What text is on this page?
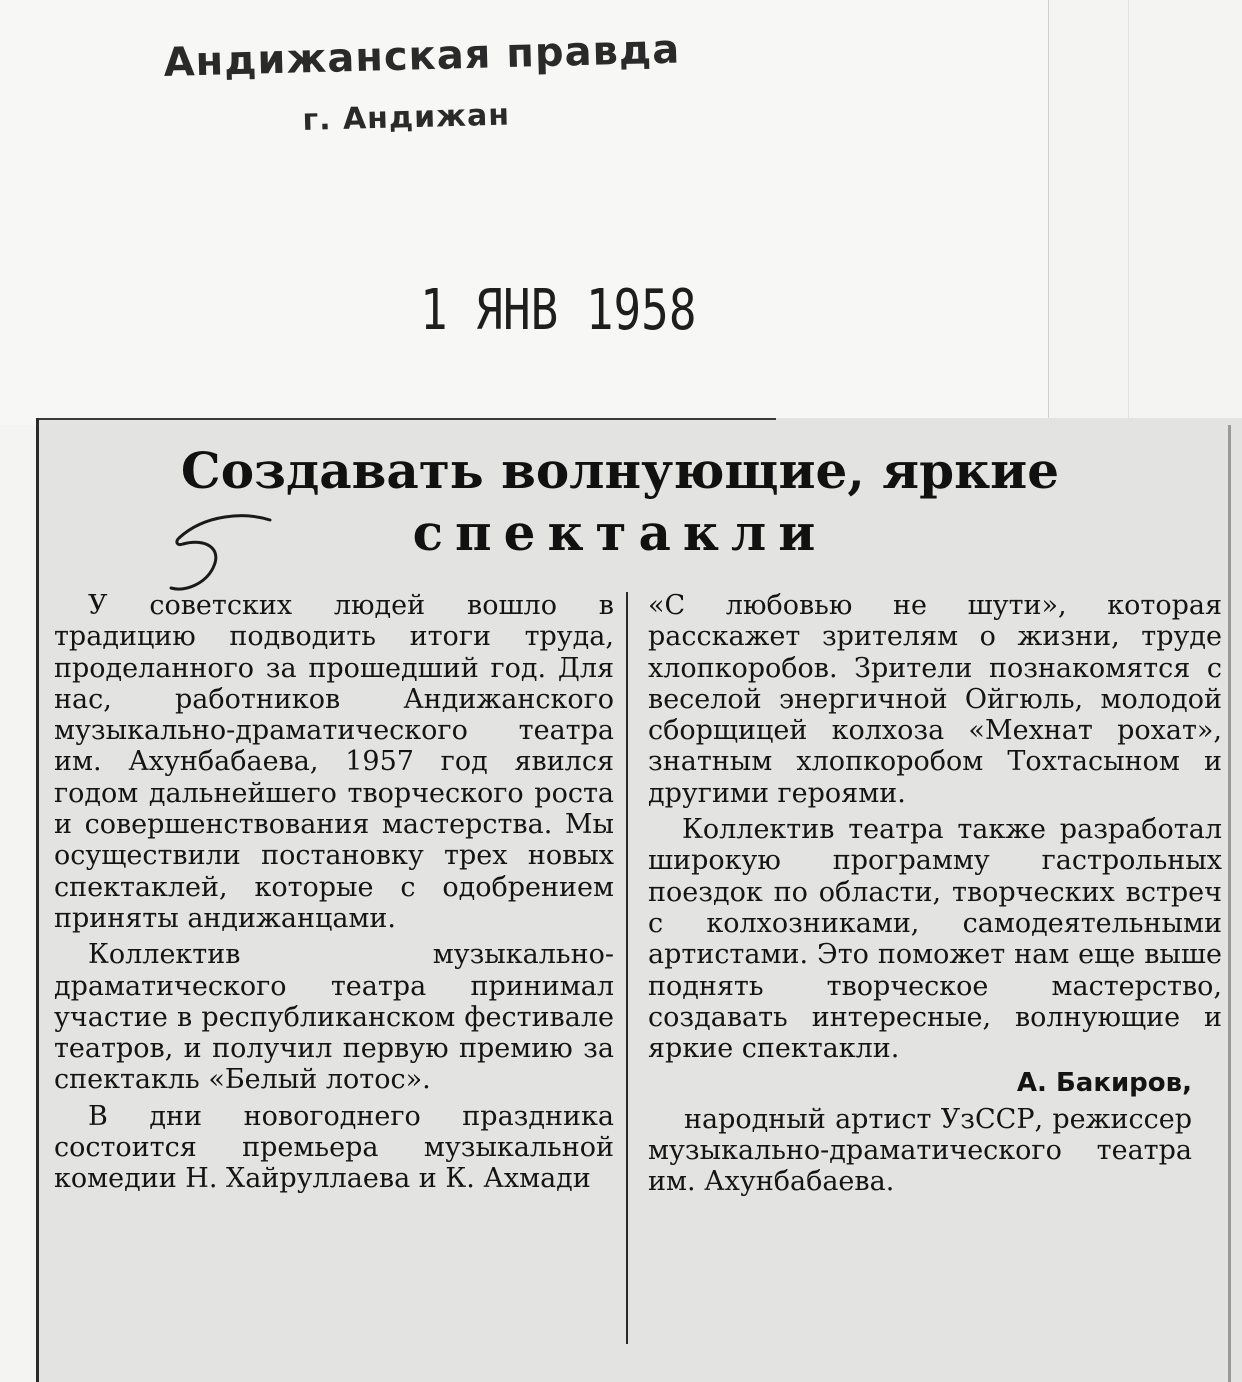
Андижанская правда
г. Андижан
1 ЯНВ 1958
Создавать волнующие, яркие
спектакли

У советских людей вошло в традицию подводить итоги труда, проделанного за прошедший год. Для нас, работников Андижанского музыкально-драматического театра им. Ахунбабаева, 1957 год явился годом дальнейшего творческого роста и совершенствования мастерства. Мы осуществили постановку трех новых спектаклей, которые с одобрением приняты андижанцами.

Коллектив музыкально-драматического театра принимал участие в республиканском фестивале театров, и получил первую премию за спектакль «Белый лотос».

В дни новогоднего праздника состоится премьера музыкальной комедии Н. Хайруллаева и К. Ахмади

«С любовью не шути», которая расскажет зрителям о жизни, труде хлопкоробов. Зрители познакомятся с веселой энергичной Ойгюль, молодой сборщицей колхоза «Мехнат рохат», знатным хлопкоробом Тохтасыном и другими героями.

Коллектив театра также разработал широкую программу гастрольных поездок по области, творческих встреч с колхозниками, самодеятельными артистами. Это поможет нам еще выше поднять творческое мастерство, создавать интересные, волнующие и яркие спектакли.

А. Бакиров,
народный артист УзССР, режиссер музыкально-драматического театра им. Ахунбабаева.
